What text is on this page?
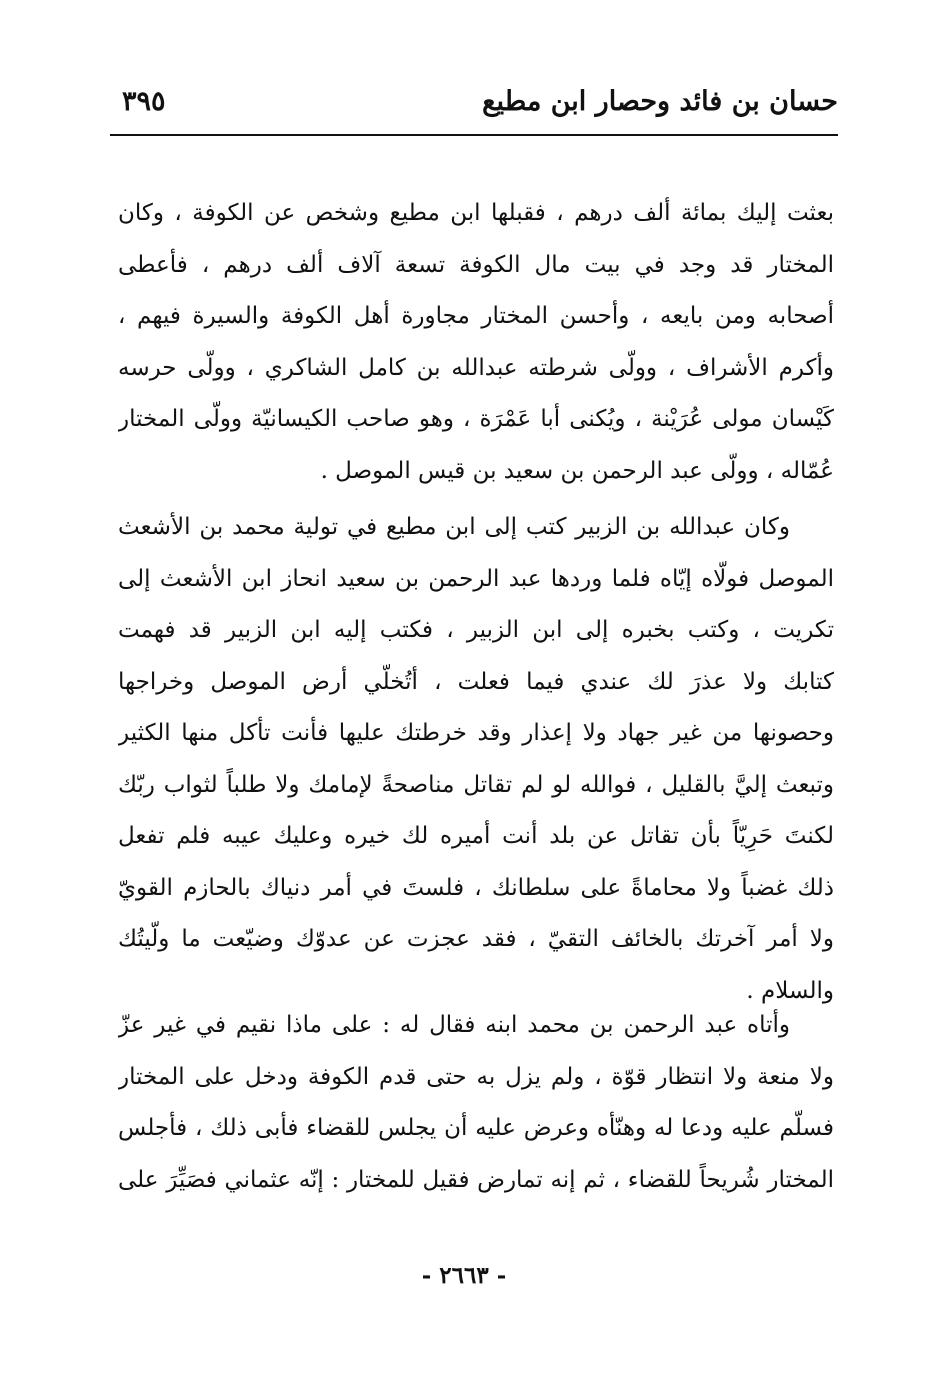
حسان بن فائد وحصار ابن مطيع
٣٩٥
بعثت إليك بمائة ألف درهم ، فقبلها ابن مطيع وشخص عن الكوفة ، وكان
المختار قد وجد في بيت مال الكوفة تسعة آلاف ألف درهم ، فأعطى
أصحابه ومن بايعه ، وأحسن المختار مجاورة أهل الكوفة والسيرة فيهم ،
وأكرم الأشراف ، وولّى شرطته عبدالله بن كامل الشاكري ، وولّى حرسه
كَيْسان مولى عُرَيْنة ، ويُكنى أبا عَمْرَة ، وهو صاحب الكيسانيّة وولّى المختار
عُمّاله ، وولّى عبد الرحمن بن سعيد بن قيس الموصل .
وكان عبدالله بن الزبير كتب إلى ابن مطيع في تولية محمد بن الأشعث
الموصل فولّاه إيّاه فلما وردها عبد الرحمن بن سعيد انحاز ابن الأشعث إلى
تكريت ، وكتب بخبره إلى ابن الزبير ، فكتب إليه ابن الزبير قد فهمت
كتابك ولا عذرَ لك عندي فيما فعلت ، أتُخلّي أرض الموصل وخراجها
وحصونها من غير جهاد ولا إعذار وقد خرطتك عليها فأنت تأكل منها الكثير
وتبعث إليَّ بالقليل ، فوالله لو لم تقاتل مناصحةً لإمامك ولا طلباً لثواب ربّك
لكنتَ حَرِيّاً بأن تقاتل عن بلد أنت أميره لك خيره وعليك عيبه فلم تفعل
ذلك غضباً ولا محاماةً على سلطانك ، فلستَ في أمر دنياك بالحازم القويّ
ولا أمر آخرتك بالخائف التقيّ ، فقد عجزت عن عدوّك وضيّعت ما ولّيتُك
والسلام .
وأتاه عبد الرحمن بن محمد ابنه فقال له : على ماذا نقيم في غير عزّ
ولا منعة ولا انتظار قوّة ، ولم يزل به حتى قدم الكوفة ودخل على المختار
فسلّم عليه ودعا له وهنّأه وعرض عليه أن يجلس للقضاء فأبى ذلك ، فأجلس
المختار شُريحاً للقضاء ، ثم إنه تمارض فقيل للمختار : إنّه عثماني فصَيِّرَ على
- ٢٦٦٣ -
